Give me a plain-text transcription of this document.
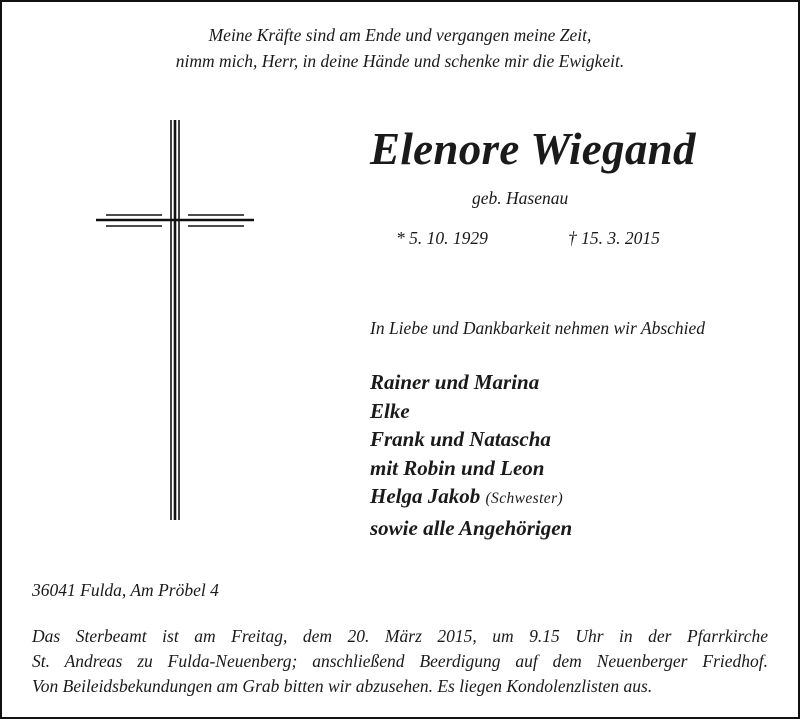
Meine Kräfte sind am Ende und vergangen meine Zeit,
nimm mich, Herr, in deine Hände und schenke mir die Ewigkeit.
Elenore Wiegand
geb. Hasenau
* 5. 10. 1929	† 15. 3. 2015
In Liebe und Dankbarkeit nehmen wir Abschied
Rainer und Marina
Elke
Frank und Natascha
mit Robin und Leon
Helga Jakob (Schwester)
sowie alle Angehörigen
36041 Fulda, Am Pröbel 4
Das Sterbeamt ist am Freitag, dem 20. März 2015, um 9.15 Uhr in der Pfarrkirche
St. Andreas zu Fulda-Neuenberg; anschließend Beerdigung auf dem Neuenberger Friedhof.
Von Beileidsbekundungen am Grab bitten wir abzusehen. Es liegen Kondolenzlisten aus.
